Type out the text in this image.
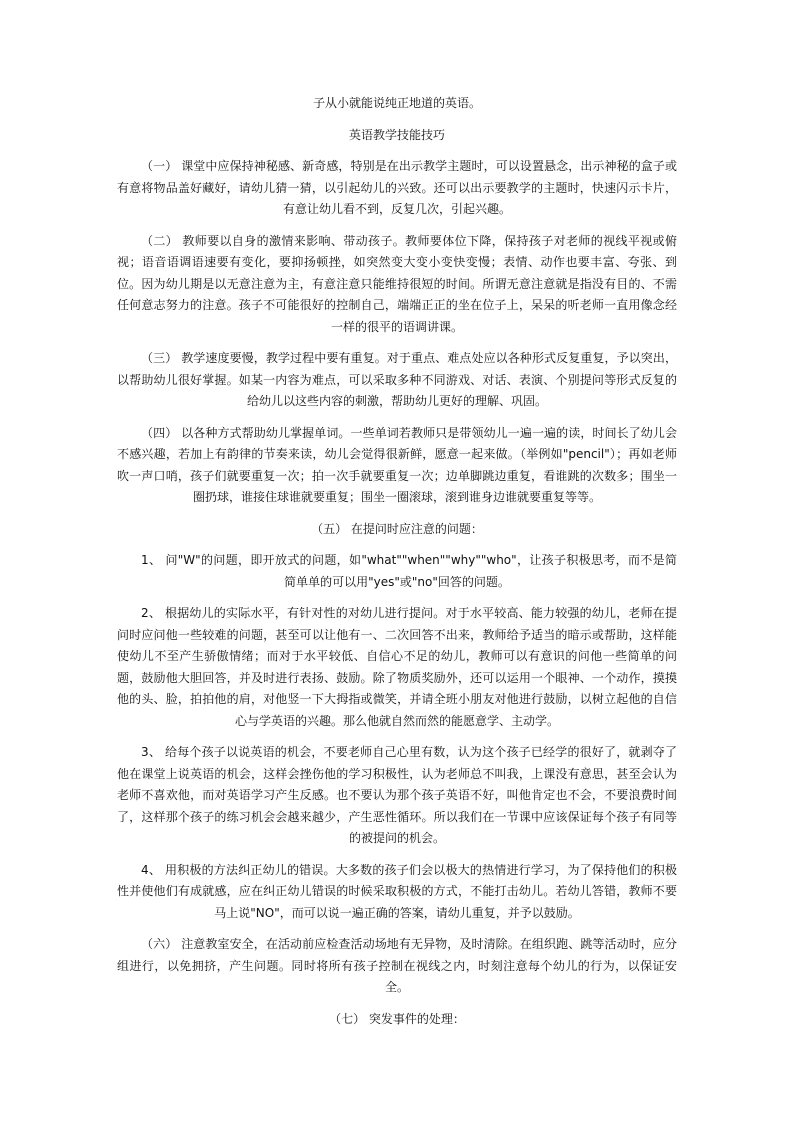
子从小就能说纯正地道的英语。

英语教学技能技巧

（一） 课堂中应保持神秘感、新奇感，特别是在出示教学主题时，可以设置悬念，出示神秘的盒子或有意将物品盖好藏好，请幼儿猜一猜，以引起幼儿的兴致。还可以出示要教学的主题时，快速闪示卡片，有意让幼儿看不到，反复几次，引起兴趣。

（二） 教师要以自身的激情来影响、带动孩子。教师要体位下降，保持孩子对老师的视线平视或俯视；语音语调语速要有变化，要抑扬顿挫，如突然变大变小变快变慢；表情、动作也要丰富、夸张、到位。因为幼儿期是以无意注意为主，有意注意只能维持很短的时间。所谓无意注意就是指没有目的、不需任何意志努力的注意。孩子不可能很好的控制自己，端端正正的坐在位子上，呆呆的听老师一直用像念经一样的很平的语调讲课。

（三） 教学速度要慢，教学过程中要有重复。对于重点、难点处应以各种形式反复重复，予以突出，以帮助幼儿很好掌握。如某一内容为难点，可以采取多种不同游戏、对话、表演、个别提问等形式反复的给幼儿以这些内容的刺激，帮助幼儿更好的理解、巩固。

（四） 以各种方式帮助幼儿掌握单词。一些单词若教师只是带领幼儿一遍一遍的读，时间长了幼儿会不感兴趣，若加上有韵律的节奏来读，幼儿会觉得很新鲜，愿意一起来做。（举例如"pencil"）；再如老师吹一声口哨，孩子们就要重复一次；拍一次手就要重复一次；边单脚跳边重复，看谁跳的次数多；围坐一圈扔球，谁接住球谁就要重复；围坐一圈滚球，滚到谁身边谁就要重复等等。

（五） 在提问时应注意的问题：

1、 问"W"的问题，即开放式的问题，如"what""when""why""who"，让孩子积极思考，而不是简简单单的可以用"yes"或"no"回答的问题。

2、 根据幼儿的实际水平，有针对性的对幼儿进行提问。对于水平较高、能力较强的幼儿，老师在提问时应问他一些较难的问题，甚至可以让他有一、二次回答不出来，教师给予适当的暗示或帮助，这样能使幼儿不至产生骄傲情绪；而对于水平较低、自信心不足的幼儿，教师可以有意识的问他一些简单的问题，鼓励他大胆回答，并及时进行表扬、鼓励。除了物质奖励外，还可以运用一个眼神、一个动作，摸摸他的头、脸，拍拍他的肩，对他竖一下大拇指或微笑，并请全班小朋友对他进行鼓励，以树立起他的自信心与学英语的兴趣。那么他就自然而然的能愿意学、主动学。

3、 给每个孩子以说英语的机会，不要老师自己心里有数，认为这个孩子已经学的很好了，就剥夺了他在课堂上说英语的机会，这样会挫伤他的学习积极性，认为老师总不叫我，上课没有意思，甚至会认为老师不喜欢他，而对英语学习产生反感。也不要认为那个孩子英语不好，叫他肯定也不会，不要浪费时间了，这样那个孩子的练习机会会越来越少，产生恶性循环。所以我们在一节课中应该保证每个孩子有同等的被提问的机会。

4、 用积极的方法纠正幼儿的错误。大多数的孩子们会以极大的热情进行学习，为了保持他们的积极性并使他们有成就感，应在纠正幼儿错误的时候采取积极的方式，不能打击幼儿。若幼儿答错，教师不要马上说"NO"，而可以说一遍正确的答案，请幼儿重复，并予以鼓励。

（六） 注意教室安全，在活动前应检查活动场地有无异物，及时清除。在组织跑、跳等活动时，应分组进行，以免拥挤，产生问题。同时将所有孩子控制在视线之内，时刻注意每个幼儿的行为，以保证安全。

（七） 突发事件的处理：
